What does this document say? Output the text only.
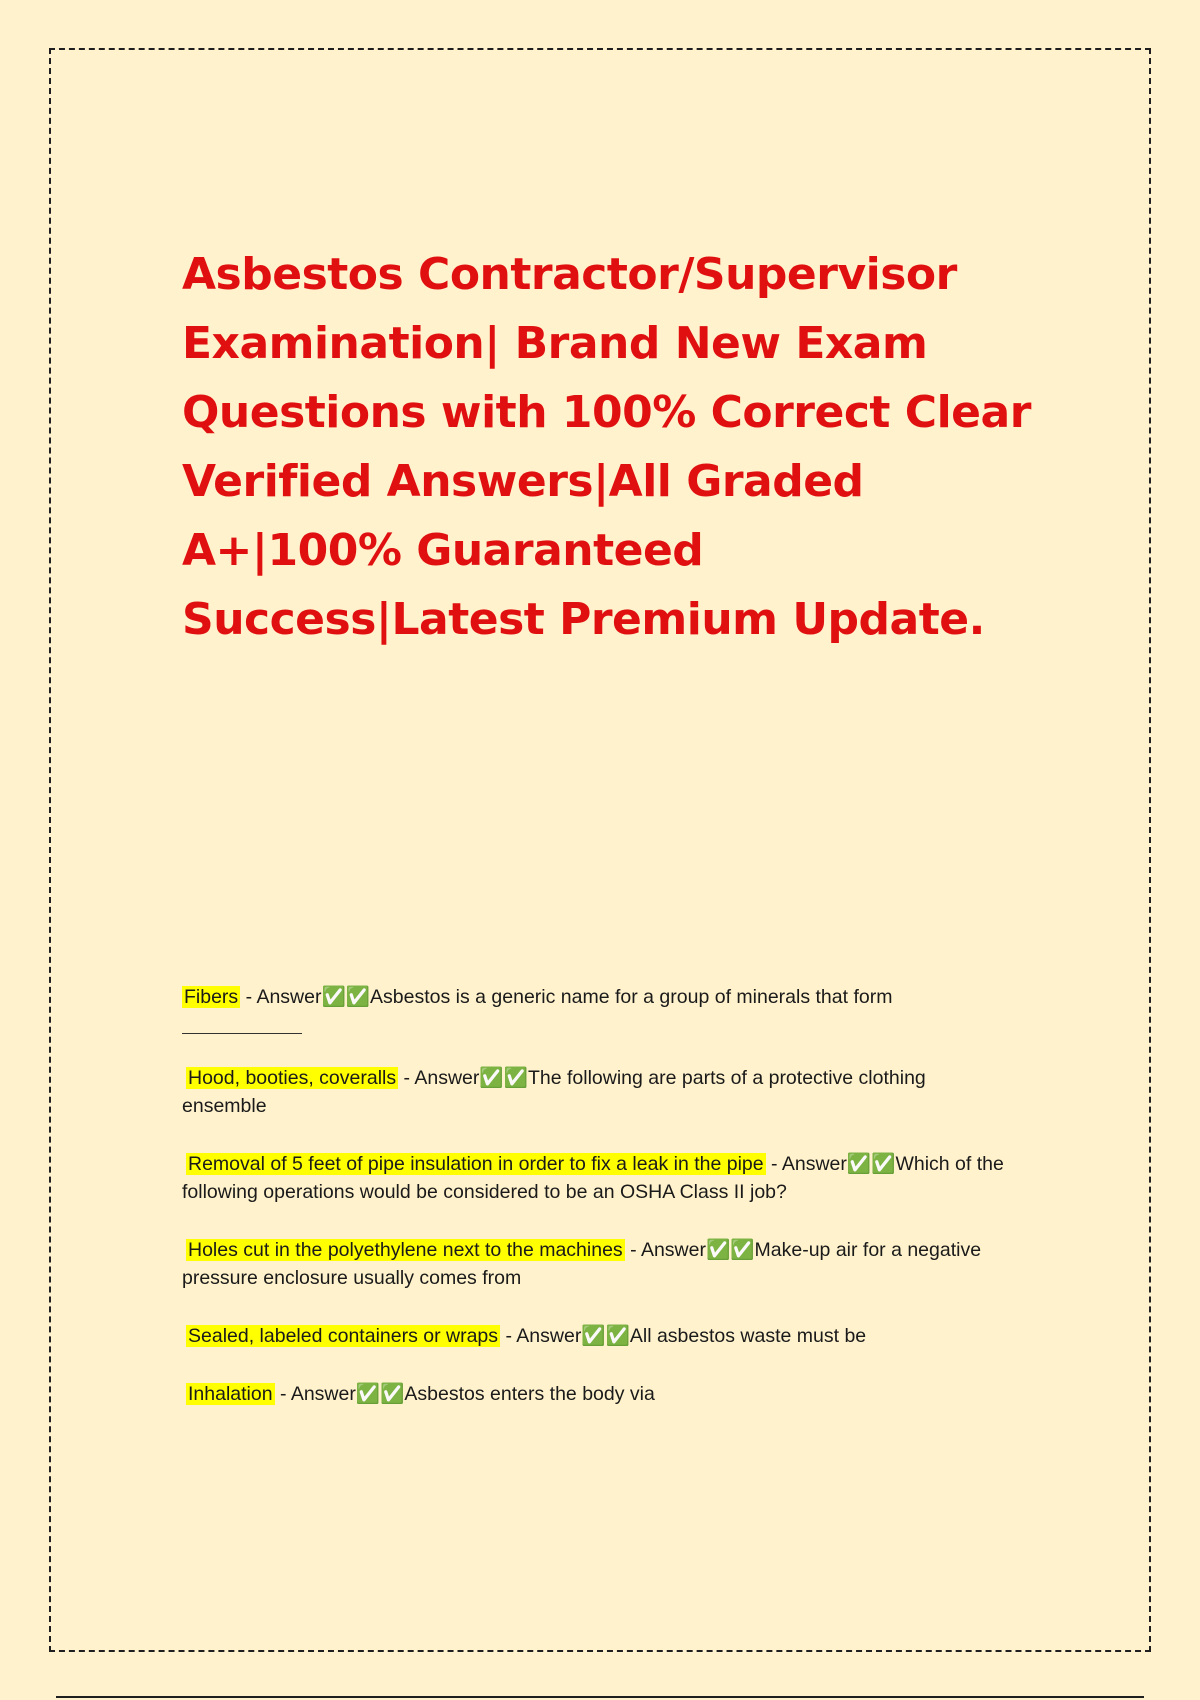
Asbestos Contractor/Supervisor Examination| Brand New Exam Questions with 100% Correct Clear Verified Answers|All Graded A+|100% Guaranteed Success|Latest Premium Update.
Fibers - Answer✅✅Asbestos is a generic name for a group of minerals that form
Hood, booties, coveralls - Answer✅✅The following are parts of a protective clothing ensemble
Removal of 5 feet of pipe insulation in order to fix a leak in the pipe - Answer✅✅Which of the following operations would be considered to be an OSHA Class II job?
Holes cut in the polyethylene next to the machines - Answer✅✅Make-up air for a negative pressure enclosure usually comes from
Sealed, labeled containers or wraps - Answer✅✅All asbestos waste must be
Inhalation - Answer✅✅Asbestos enters the body via
